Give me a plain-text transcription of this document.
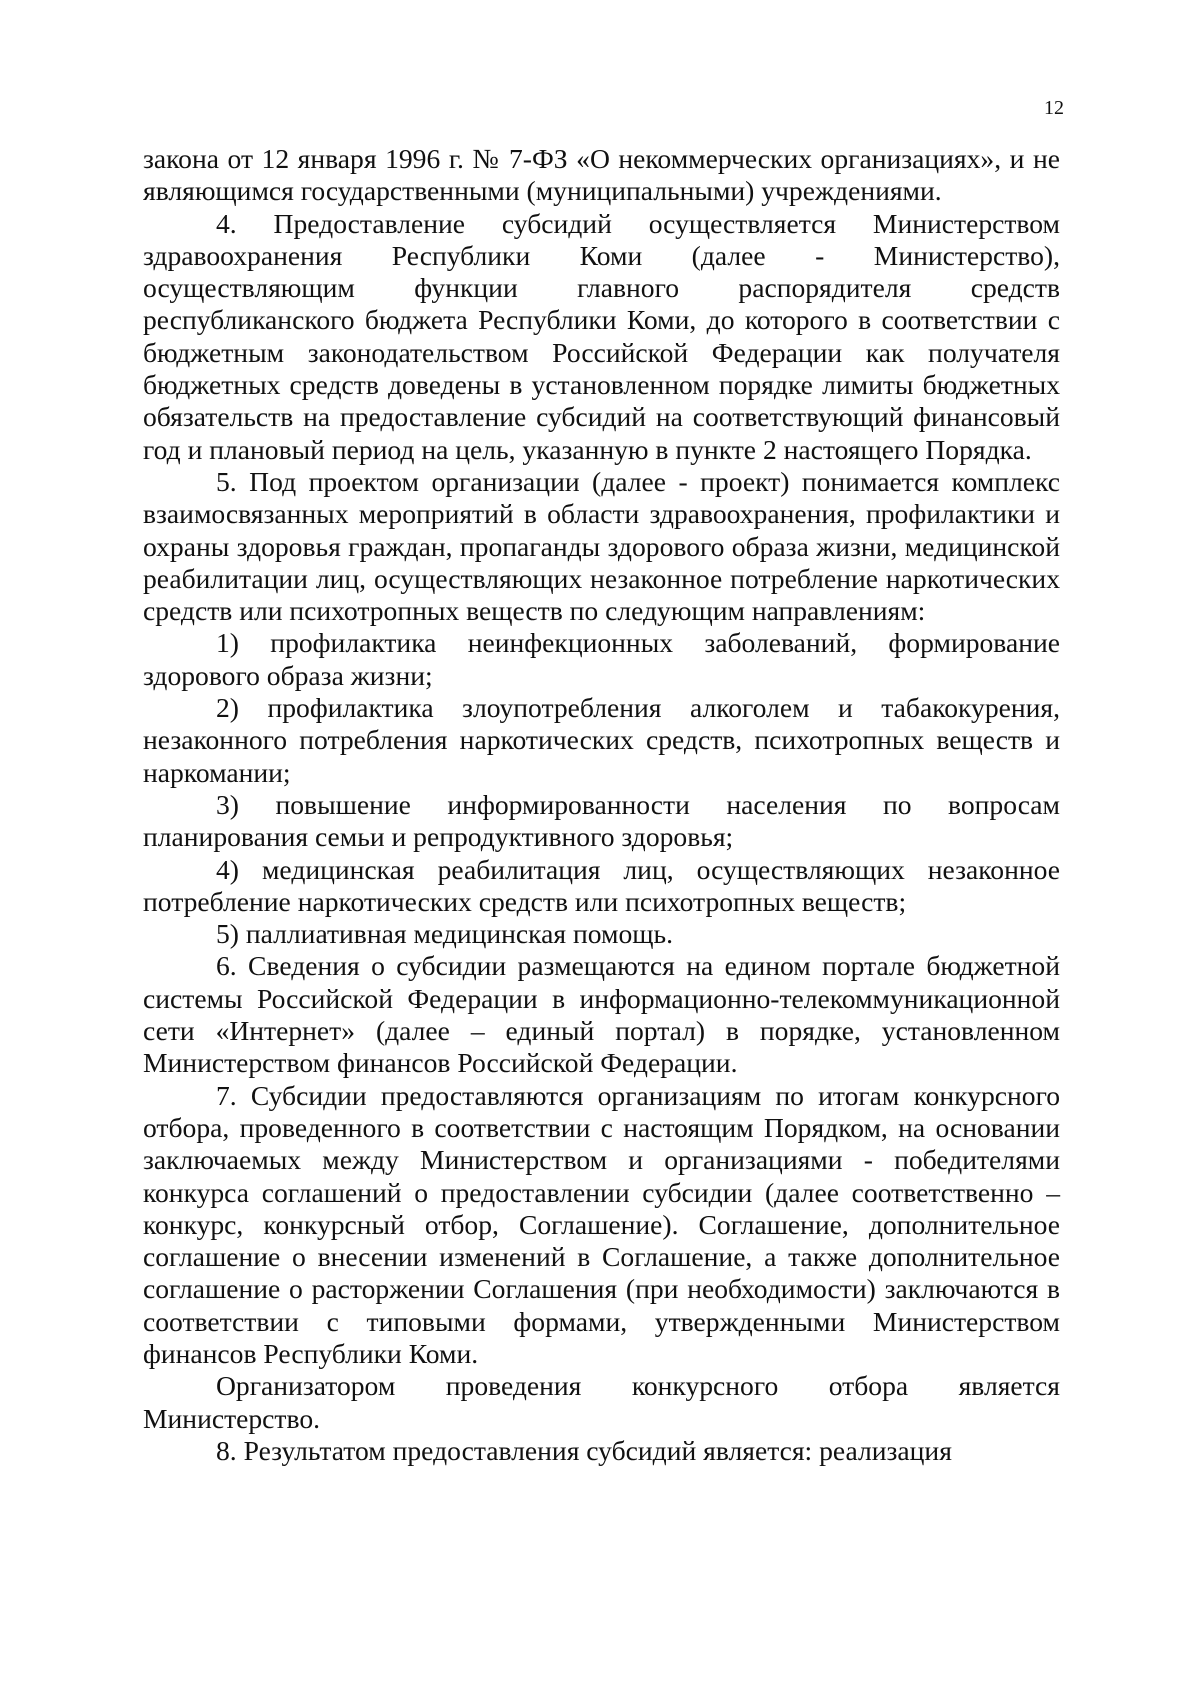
12

закона от 12 января 1996 г. № 7-ФЗ «О некоммерческих организациях», и не являющимся государственными (муниципальными) учреждениями.

4. Предоставление субсидий осуществляется Министерством здравоохранения Республики Коми (далее - Министерство), осуществляющим функции главного распорядителя средств республиканского бюджета Республики Коми, до которого в соответствии с бюджетным законодательством Российской Федерации как получателя бюджетных средств доведены в установленном порядке лимиты бюджетных обязательств на предоставление субсидий на соответствующий финансовый год и плановый период на цель, указанную в пункте 2 настоящего Порядка.

5. Под проектом организации (далее - проект) понимается комплекс взаимосвязанных мероприятий в области здравоохранения, профилактики и охраны здоровья граждан, пропаганды здорового образа жизни, медицинской реабилитации лиц, осуществляющих незаконное потребление наркотических средств или психотропных веществ по следующим направлениям:

1) профилактика неинфекционных заболеваний, формирование здорового образа жизни;

2) профилактика злоупотребления алкоголем и табакокурения, незаконного потребления наркотических средств, психотропных веществ и наркомании;

3) повышение информированности населения по вопросам планирования семьи и репродуктивного здоровья;

4) медицинская реабилитация лиц, осуществляющих незаконное потребление наркотических средств или психотропных веществ;

5) паллиативная медицинская помощь.

6. Сведения о субсидии размещаются на едином портале бюджетной системы Российской Федерации в информационно-телекоммуникационной сети «Интернет» (далее – единый портал) в порядке, установленном Министерством финансов Российской Федерации.

7. Субсидии предоставляются организациям по итогам конкурсного отбора, проведенного в соответствии с настоящим Порядком, на основании заключаемых между Министерством и организациями - победителями конкурса соглашений о предоставлении субсидии (далее соответственно – конкурс, конкурсный отбор, Соглашение). Соглашение, дополнительное соглашение о внесении изменений в Соглашение, а также дополнительное соглашение о расторжении Соглашения (при необходимости) заключаются в соответствии с типовыми формами, утвержденными Министерством финансов Республики Коми.

Организатором проведения конкурсного отбора является Министерство.

8. Результатом предоставления субсидий является: реализация
